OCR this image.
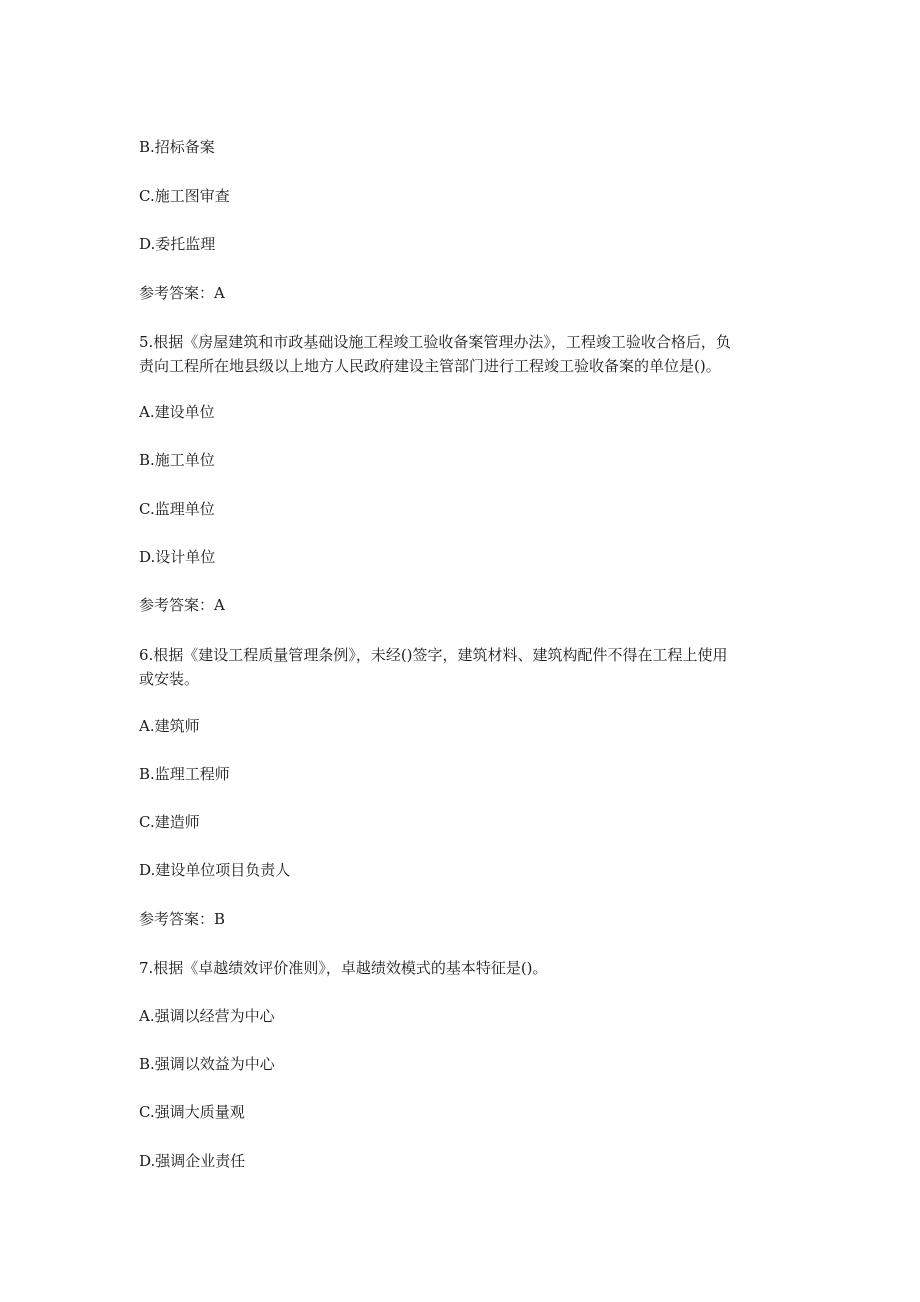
B.招标备案
C.施工图审查
D.委托监理
参考答案：A
5.根据《房屋建筑和市政基础设施工程竣工验收备案管理办法》，工程竣工验收合格后，负
责向工程所在地县级以上地方人民政府建设主管部门进行工程竣工验收备案的单位是()。
A.建设单位
B.施工单位
C.监理单位
D.设计单位
参考答案：A
6.根据《建设工程质量管理条例》，未经()签字，建筑材料、建筑构配件不得在工程上使用
或安装。
A.建筑师
B.监理工程师
C.建造师
D.建设单位项目负责人
参考答案：B
7.根据《卓越绩效评价准则》，卓越绩效模式的基本特征是()。
A.强调以经营为中心
B.强调以效益为中心
C.强调大质量观
D.强调企业责任
